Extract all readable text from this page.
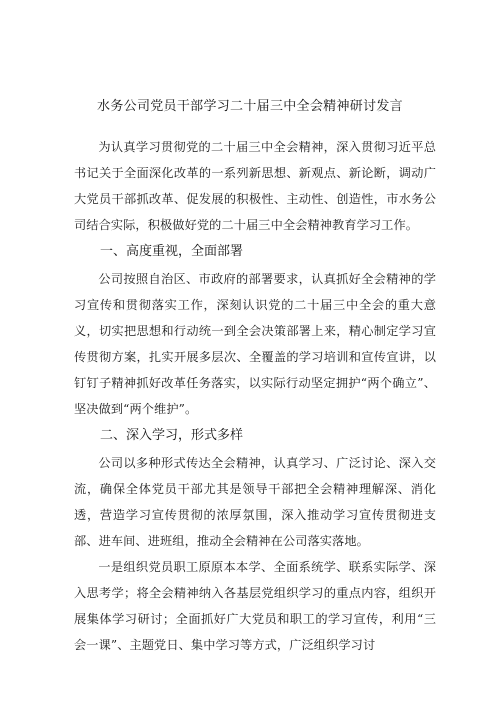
水务公司党员干部学习二十届三中全会精神研讨发言

为认真学习贯彻党的二十届三中全会精神，深入贯彻习近平总书记关于全面深化改革的一系列新思想、新观点、新论断，调动广大党员干部抓改革、促发展的积极性、主动性、创造性，市水务公司结合实际，积极做好党的二十届三中全会精神教育学习工作。

一、高度重视，全面部署

公司按照自治区、市政府的部署要求，认真抓好全会精神的学习宣传和贯彻落实工作，深刻认识党的二十届三中全会的重大意义，切实把思想和行动统一到全会决策部署上来，精心制定学习宣传贯彻方案，扎实开展多层次、全覆盖的学习培训和宣传宣讲，以钉钉子精神抓好改革任务落实，以实际行动坚定拥护“两个确立”、坚决做到“两个维护”。

二、深入学习，形式多样

公司以多种形式传达全会精神，认真学习、广泛讨论、深入交流，确保全体党员干部尤其是领导干部把全会精神理解深、消化透，营造学习宣传贯彻的浓厚氛围，深入推动学习宣传贯彻进支部、进车间、进班组，推动全会精神在公司落实落地。

一是组织党员职工原原本本学、全面系统学、联系实际学、深入思考学；将全会精神纳入各基层党组织学习的重点内容，组织开展集体学习研讨；全面抓好广大党员和职工的学习宣传，利用“三会一课”、主题党日、集中学习等方式，广泛组织学习讨
